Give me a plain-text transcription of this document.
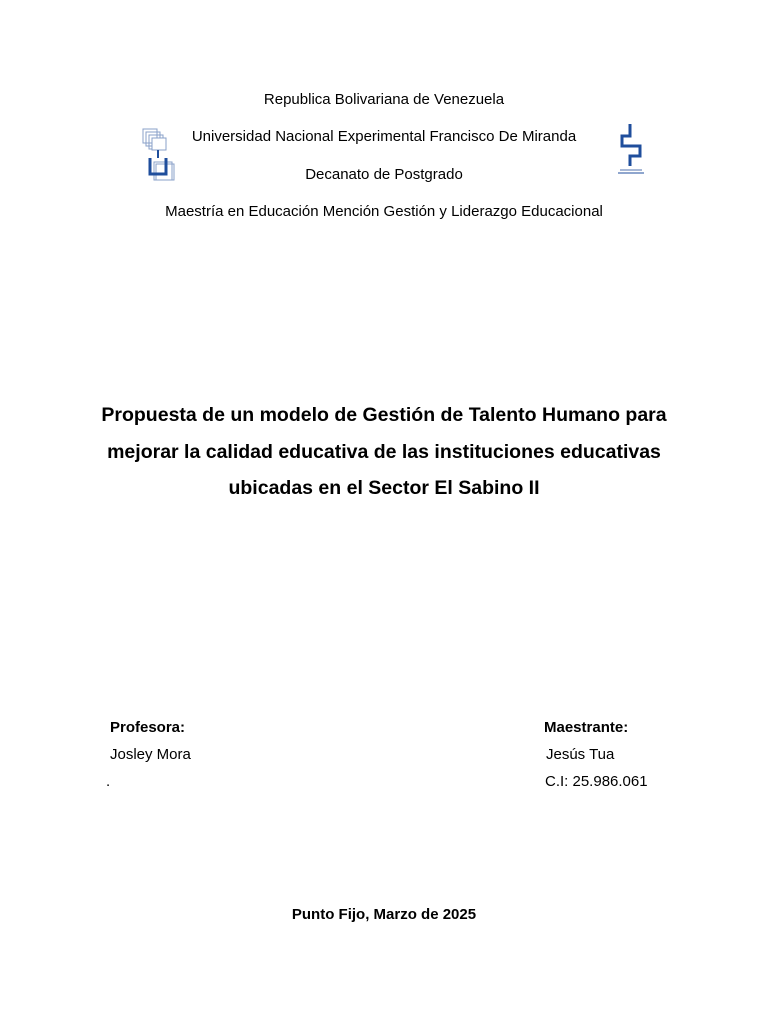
Republica Bolivariana de Venezuela
Universidad Nacional Experimental Francisco De Miranda
Decanato de Postgrado
Maestría en Educación Mención Gestión y Liderazgo Educacional
Propuesta de un modelo de Gestión de Talento Humano para mejorar la calidad educativa de las instituciones educativas ubicadas en el Sector El Sabino II
Profesora:
Josley Mora
.
Maestrante:
Jesús Tua
C.I: 25.986.061
Punto Fijo, Marzo de 2025
